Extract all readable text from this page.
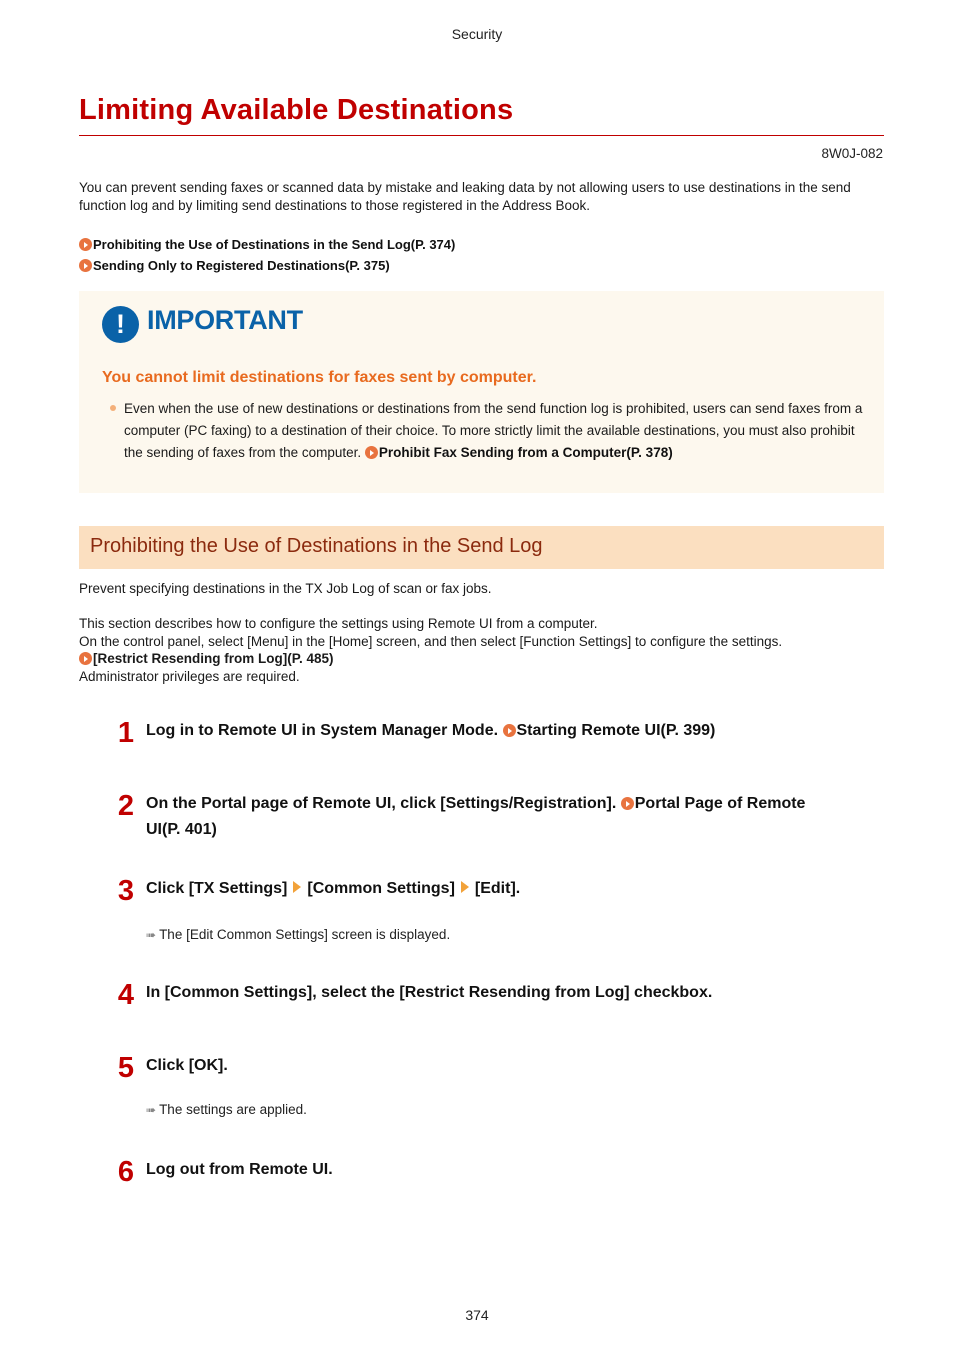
Security
Limiting Available Destinations
8W0J-082
You can prevent sending faxes or scanned data by mistake and leaking data by not allowing users to use destinations in the send function log and by limiting send destinations to those registered in the Address Book.
Prohibiting the Use of Destinations in the Send Log(P. 374)
Sending Only to Registered Destinations(P. 375)
! IMPORTANT
You cannot limit destinations for faxes sent by computer.
Even when the use of new destinations or destinations from the send function log is prohibited, users can send faxes from a computer (PC faxing) to a destination of their choice. To more strictly limit the available destinations, you must also prohibit the sending of faxes from the computer. Prohibit Fax Sending from a Computer(P. 378)
Prohibiting the Use of Destinations in the Send Log
Prevent specifying destinations in the TX Job Log of scan or fax jobs.
This section describes how to configure the settings using Remote UI from a computer.
On the control panel, select [Menu] in the [Home] screen, and then select [Function Settings] to configure the settings.
[Restrict Resending from Log](P. 485)
Administrator privileges are required.
1 Log in to Remote UI in System Manager Mode. Starting Remote UI(P. 399)
2 On the Portal page of Remote UI, click [Settings/Registration]. Portal Page of Remote UI(P. 401)
3 Click [TX Settings] [Common Settings] [Edit].
➠ The [Edit Common Settings] screen is displayed.
4 In [Common Settings], select the [Restrict Resending from Log] checkbox.
5 Click [OK].
➠ The settings are applied.
6 Log out from Remote UI.
374
